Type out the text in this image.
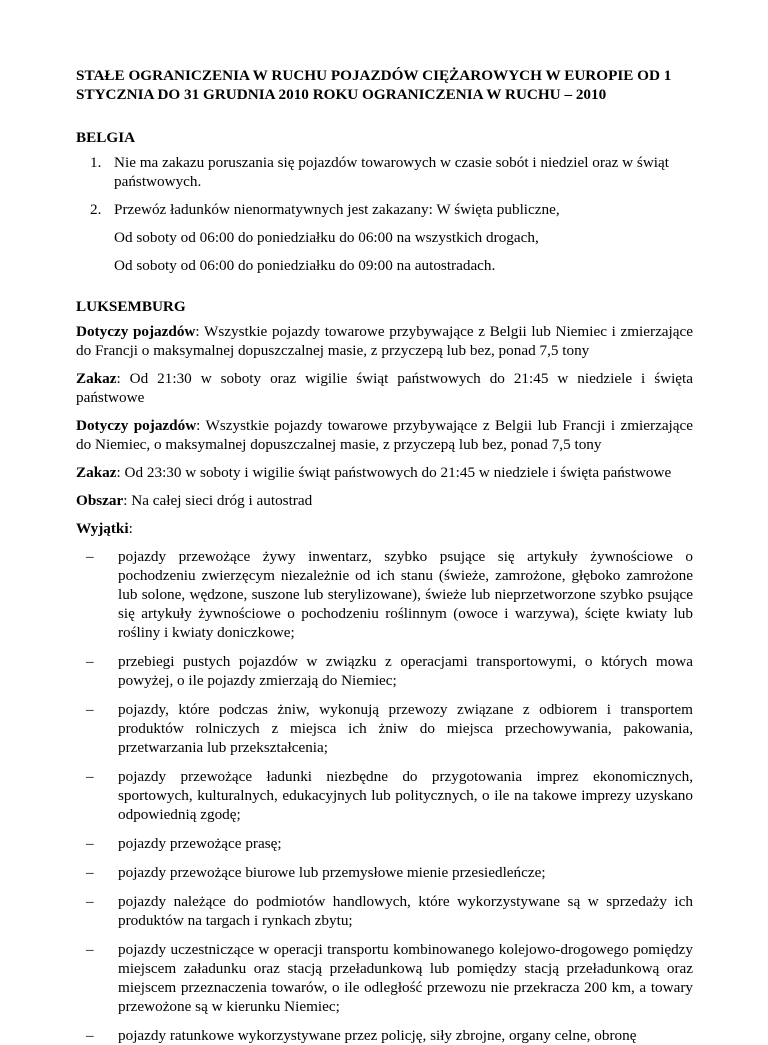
STAŁE OGRANICZENIA W RUCHU POJAZDÓW CIĘŻAROWYCH W EUROPIE OD 1
STYCZNIA DO 31 GRUDNIA 2010 ROKU OGRANICZENIA W RUCHU – 2010
BELGIA
1. Nie ma zakazu poruszania się pojazdów towarowych w czasie sobót i niedziel oraz w świąt państwowych.
2. Przewóz ładunków nienormatywnych jest zakazany: W święta publiczne,
Od soboty od 06:00 do poniedziałku do 06:00 na wszystkich drogach,
Od soboty od 06:00 do poniedziałku do 09:00 na autostradach.
LUKSEMBURG

Dotyczy pojazdów: Wszystkie pojazdy towarowe przybywające z Belgii lub Niemiec i zmierzające do Francji o maksymalnej dopuszczalnej masie, z przyczepą lub bez, ponad 7,5 tony

Zakaz: Od 21:30 w soboty oraz wigilie świąt państwowych do 21:45 w niedziele i święta państwowe

Dotyczy pojazdów: Wszystkie pojazdy towarowe przybywające z Belgii lub Francji i zmierzające do Niemiec, o maksymalnej dopuszczalnej masie, z przyczepą lub bez, ponad 7,5 tony

Zakaz: Od 23:30 w soboty i wigilie świąt państwowych do 21:45 w niedziele i święta państwowe

Obszar: Na całej sieci dróg i autostrad

Wyjątki:

– pojazdy przewożące żywy inwentarz, szybko psujące się artykuły żywnościowe o pochodzeniu zwierzęcym niezależnie od ich stanu (świeże, zamrożone, głęboko zamrożone lub solone, wędzone, suszone lub sterylizowane), świeże lub nieprzetworzone szybko psujące się artykuły żywnościowe o pochodzeniu roślinnym (owoce i warzywa), ścięte kwiaty lub rośliny i kwiaty doniczkowe;
– przebiegi pustych pojazdów w związku z operacjami transportowymi, o których mowa powyżej, o ile pojazdy zmierzają do Niemiec;
– pojazdy, które podczas żniw, wykonują przewozy związane z odbiorem i transportem produktów rolniczych z miejsca ich żniw do miejsca przechowywania, pakowania, przetwarzania lub przekształcenia;
– pojazdy przewożące ładunki niezbędne do przygotowania imprez ekonomicznych, sportowych, kulturalnych, edukacyjnych lub politycznych, o ile na takowe imprezy uzyskano odpowiednią zgodę;
– pojazdy przewożące prasę;
– pojazdy przewożące biurowe lub przemysłowe mienie przesiedleńcze;
– pojazdy należące do podmiotów handlowych, które wykorzystywane są w sprzedaży ich produktów na targach i rynkach zbytu;
– pojazdy uczestniczące w operacji transportu kombinowanego kolejowo-drogowego pomiędzy miejscem załadunku oraz stacją przeładunkową lub pomiędzy stacją przeładunkową oraz miejscem przeznaczenia towarów, o ile odległość przewozu nie przekracza 200 km, a towary przewożone są w kierunku Niemiec;
– pojazdy ratunkowe wykorzystywane przez policję, siły zbrojne, organy celne, obronę
